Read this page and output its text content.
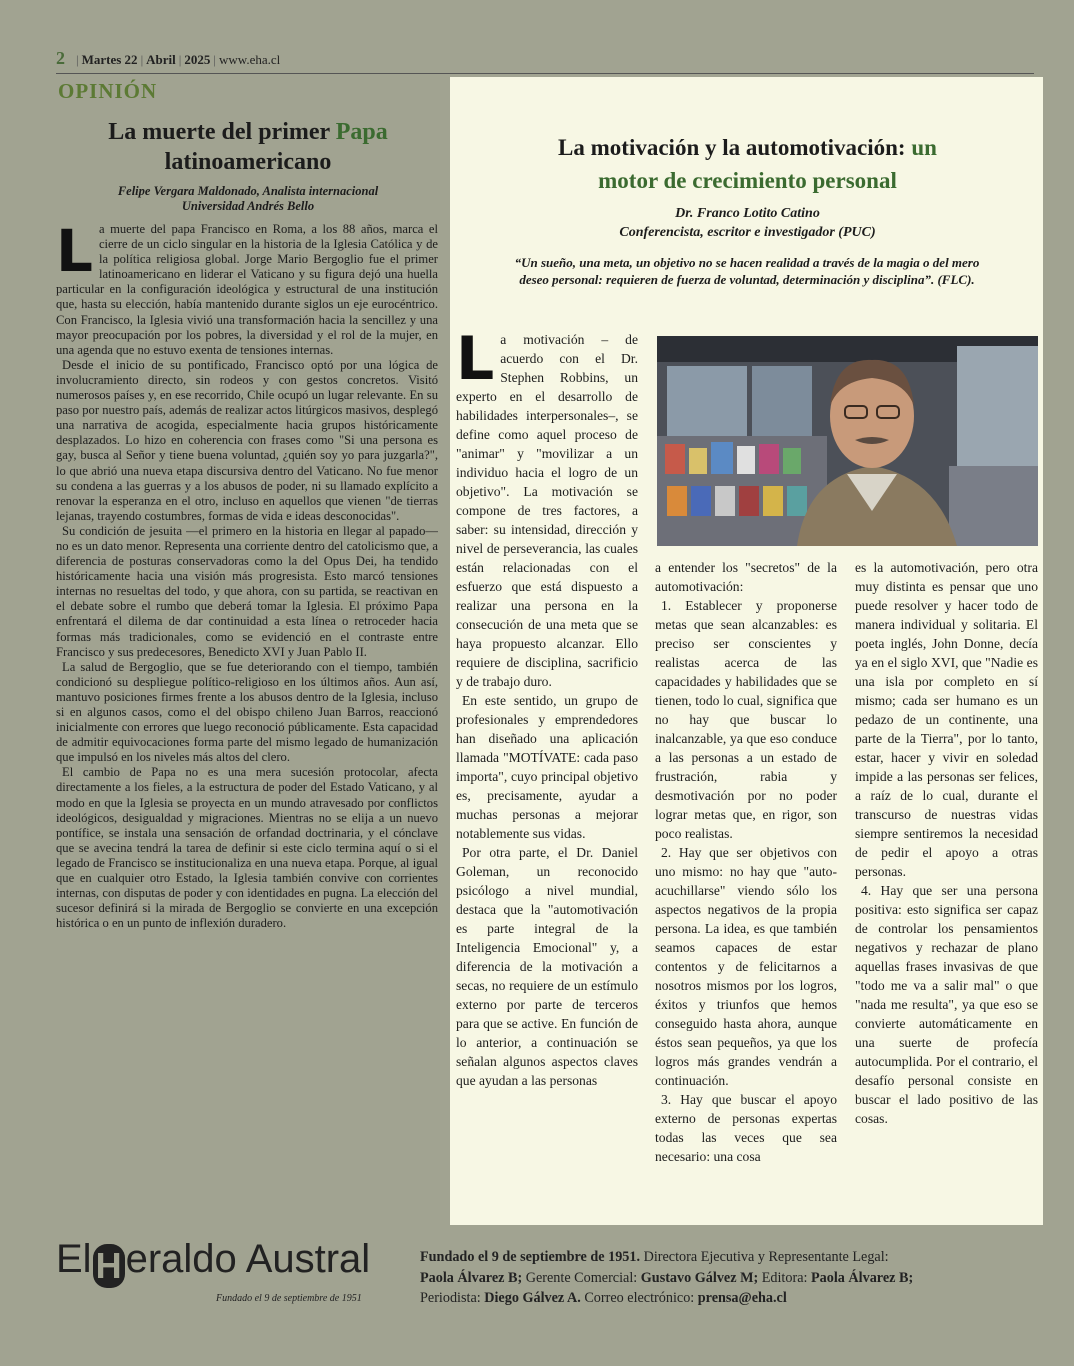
2 | Martes 22 | Abril | 2025 | www.eha.cl
OPINIÓN
La muerte del primer Papa
latinoamericano
Felipe Vergara Maldonado, Analista internacional
Universidad Andrés Bello

La muerte del papa Francisco en Roma, a los 88 años, marca el cierre de un ciclo singular en la historia de la Iglesia Católica y de la política religiosa global. Jorge Mario Bergoglio fue el primer latinoamericano en liderar el Vaticano y su figura dejó una huella particular en la configuración ideológica y estructural de una institución que, hasta su elección, había mantenido durante siglos un eje eurocéntrico. Con Francisco, la Iglesia vivió una transformación hacia la sencillez y una mayor preocupación por los pobres, la diversidad y el rol de la mujer, en una agenda que no estuvo exenta de tensiones internas.

Desde el inicio de su pontificado, Francisco optó por una lógica de involucramiento directo, sin rodeos y con gestos concretos. Visitó numerosos países y, en ese recorrido, Chile ocupó un lugar relevante. En su paso por nuestro país, además de realizar actos litúrgicos masivos, desplegó una narrativa de acogida, especialmente hacia grupos históricamente desplazados. Lo hizo en coherencia con frases como "Si una persona es gay, busca al Señor y tiene buena voluntad, ¿quién soy yo para juzgarla?", lo que abrió una nueva etapa discursiva dentro del Vaticano. No fue menor su condena a las guerras y a los abusos de poder, ni su llamado explícito a renovar la esperanza en el otro, incluso en aquellos que vienen "de tierras lejanas, trayendo costumbres, formas de vida e ideas desconocidas".

Su condición de jesuita —el primero en la historia en llegar al papado— no es un dato menor. Representa una corriente dentro del catolicismo que, a diferencia de posturas conservadoras como la del Opus Dei, ha tendido históricamente hacia una visión más progresista. Esto marcó tensiones internas no resueltas del todo, y que ahora, con su partida, se reactivan en el debate sobre el rumbo que deberá tomar la Iglesia. El próximo Papa enfrentará el dilema de dar continuidad a esta línea o retroceder hacia formas más tradicionales, como se evidenció en el contraste entre Francisco y sus predecesores, Benedicto XVI y Juan Pablo II.

La salud de Bergoglio, que se fue deteriorando con el tiempo, también condicionó su despliegue político-religioso en los últimos años. Aun así, mantuvo posiciones firmes frente a los abusos dentro de la Iglesia, incluso si en algunos casos, como el del obispo chileno Juan Barros, reaccionó inicialmente con errores que luego reconoció públicamente. Esta capacidad de admitir equivocaciones forma parte del mismo legado de humanización que impulsó en los niveles más altos del clero.

El cambio de Papa no es una mera sucesión protocolar, afecta directamente a los fieles, a la estructura de poder del Estado Vaticano, y al modo en que la Iglesia se proyecta en un mundo atravesado por conflictos ideológicos, desigualdad y migraciones. Mientras no se elija a un nuevo pontífice, se instala una sensación de orfandad doctrinaria, y el cónclave que se avecina tendrá la tarea de definir si este ciclo termina aquí o si el legado de Francisco se institucionaliza en una nueva etapa. Porque, al igual que en cualquier otro Estado, la Iglesia también convive con corrientes internas, con disputas de poder y con identidades en pugna. La elección del sucesor definirá si la mirada de Bergoglio se convierte en una excepción histórica o en un punto de inflexión duradero.

La motivación y la automotivación: un
motor de crecimiento personal
Dr. Franco Lotito Catino
Conferencista, escritor e investigador (PUC)
“Un sueño, una meta, un objetivo no se hacen realidad a través de la magia o del mero deseo personal: requieren de fuerza de voluntad, determinación y disciplina”. (FLC).

La motivación – de acuerdo con el Dr. Stephen Robbins, un experto en el desarrollo de habilidades interpersonales–, se define como aquel proceso de "animar" y "movilizar a un individuo hacia el logro de un objetivo". La motivación se compone de tres factores, a saber: su intensidad, dirección y nivel de perseverancia, las cuales están relacionadas con el esfuerzo que está dispuesto a realizar una persona en la consecución de una meta que se haya propuesto alcanzar. Ello requiere de disciplina, sacrificio y de trabajo duro.

En este sentido, un grupo de profesionales y emprendedores han diseñado una aplicación llamada "MOTÍVATE: cada paso importa", cuyo principal objetivo es, precisamente, ayudar a muchas personas a mejorar notablemente sus vidas.

Por otra parte, el Dr. Daniel Goleman, un reconocido psicólogo a nivel mundial, destaca que la "automotivación es parte integral de la Inteligencia Emocional" y, a diferencia de la motivación a secas, no requiere de un estímulo externo por parte de terceros para que se active. En función de lo anterior, a continuación se señalan algunos aspectos claves que ayudan a las personas

a entender los "secretos" de la automotivación:

1. Establecer y proponerse metas que sean alcanzables: es preciso ser conscientes y realistas acerca de las capacidades y habilidades que se tienen, todo lo cual, significa que no hay que buscar lo inalcanzable, ya que eso conduce a las personas a un estado de frustración, rabia y desmotivación por no poder lograr metas que, en rigor, son poco realistas.

2. Hay que ser objetivos con uno mismo: no hay que "auto-acuchillarse" viendo sólo los aspectos negativos de la propia persona. La idea, es que también seamos capaces de estar contentos y de felicitarnos a nosotros mismos por los logros, éxitos y triunfos que hemos conseguido hasta ahora, aunque éstos sean pequeños, ya que los logros más grandes vendrán a continuación.

3. Hay que buscar el apoyo externo de personas expertas todas las veces que sea necesario: una cosa

es la automotivación, pero otra muy distinta es pensar que uno puede resolver y hacer todo de manera individual y solitaria. El poeta inglés, John Donne, decía ya en el siglo XVI, que "Nadie es una isla por completo en sí mismo; cada ser humano es un pedazo de un continente, una parte de la Tierra", por lo tanto, estar, hacer y vivir en soledad impide a las personas ser felices, a raíz de lo cual, durante el transcurso de nuestras vidas siempre sentiremos la necesidad de pedir el apoyo a otras personas.

4. Hay que ser una persona positiva: esto significa ser capaz de controlar los pensamientos negativos y rechazar de plano aquellas frases invasivas de que "todo me va a salir mal" o que "nada me resulta", ya que eso se convierte automáticamente en una suerte de profecía autocumplida. Por el contrario, el desafío personal consiste en buscar el lado positivo de las cosas.

El H eraldo Austral
Fundado el 9 de septiembre de 1951
Fundado el 9 de septiembre de 1951. Directora Ejecutiva y Representante Legal:
Paola Álvarez B; Gerente Comercial: Gustavo Gálvez M; Editora: Paola Álvarez B;
Periodista: Diego Gálvez A. Correo electrónico: prensa@eha.cl
